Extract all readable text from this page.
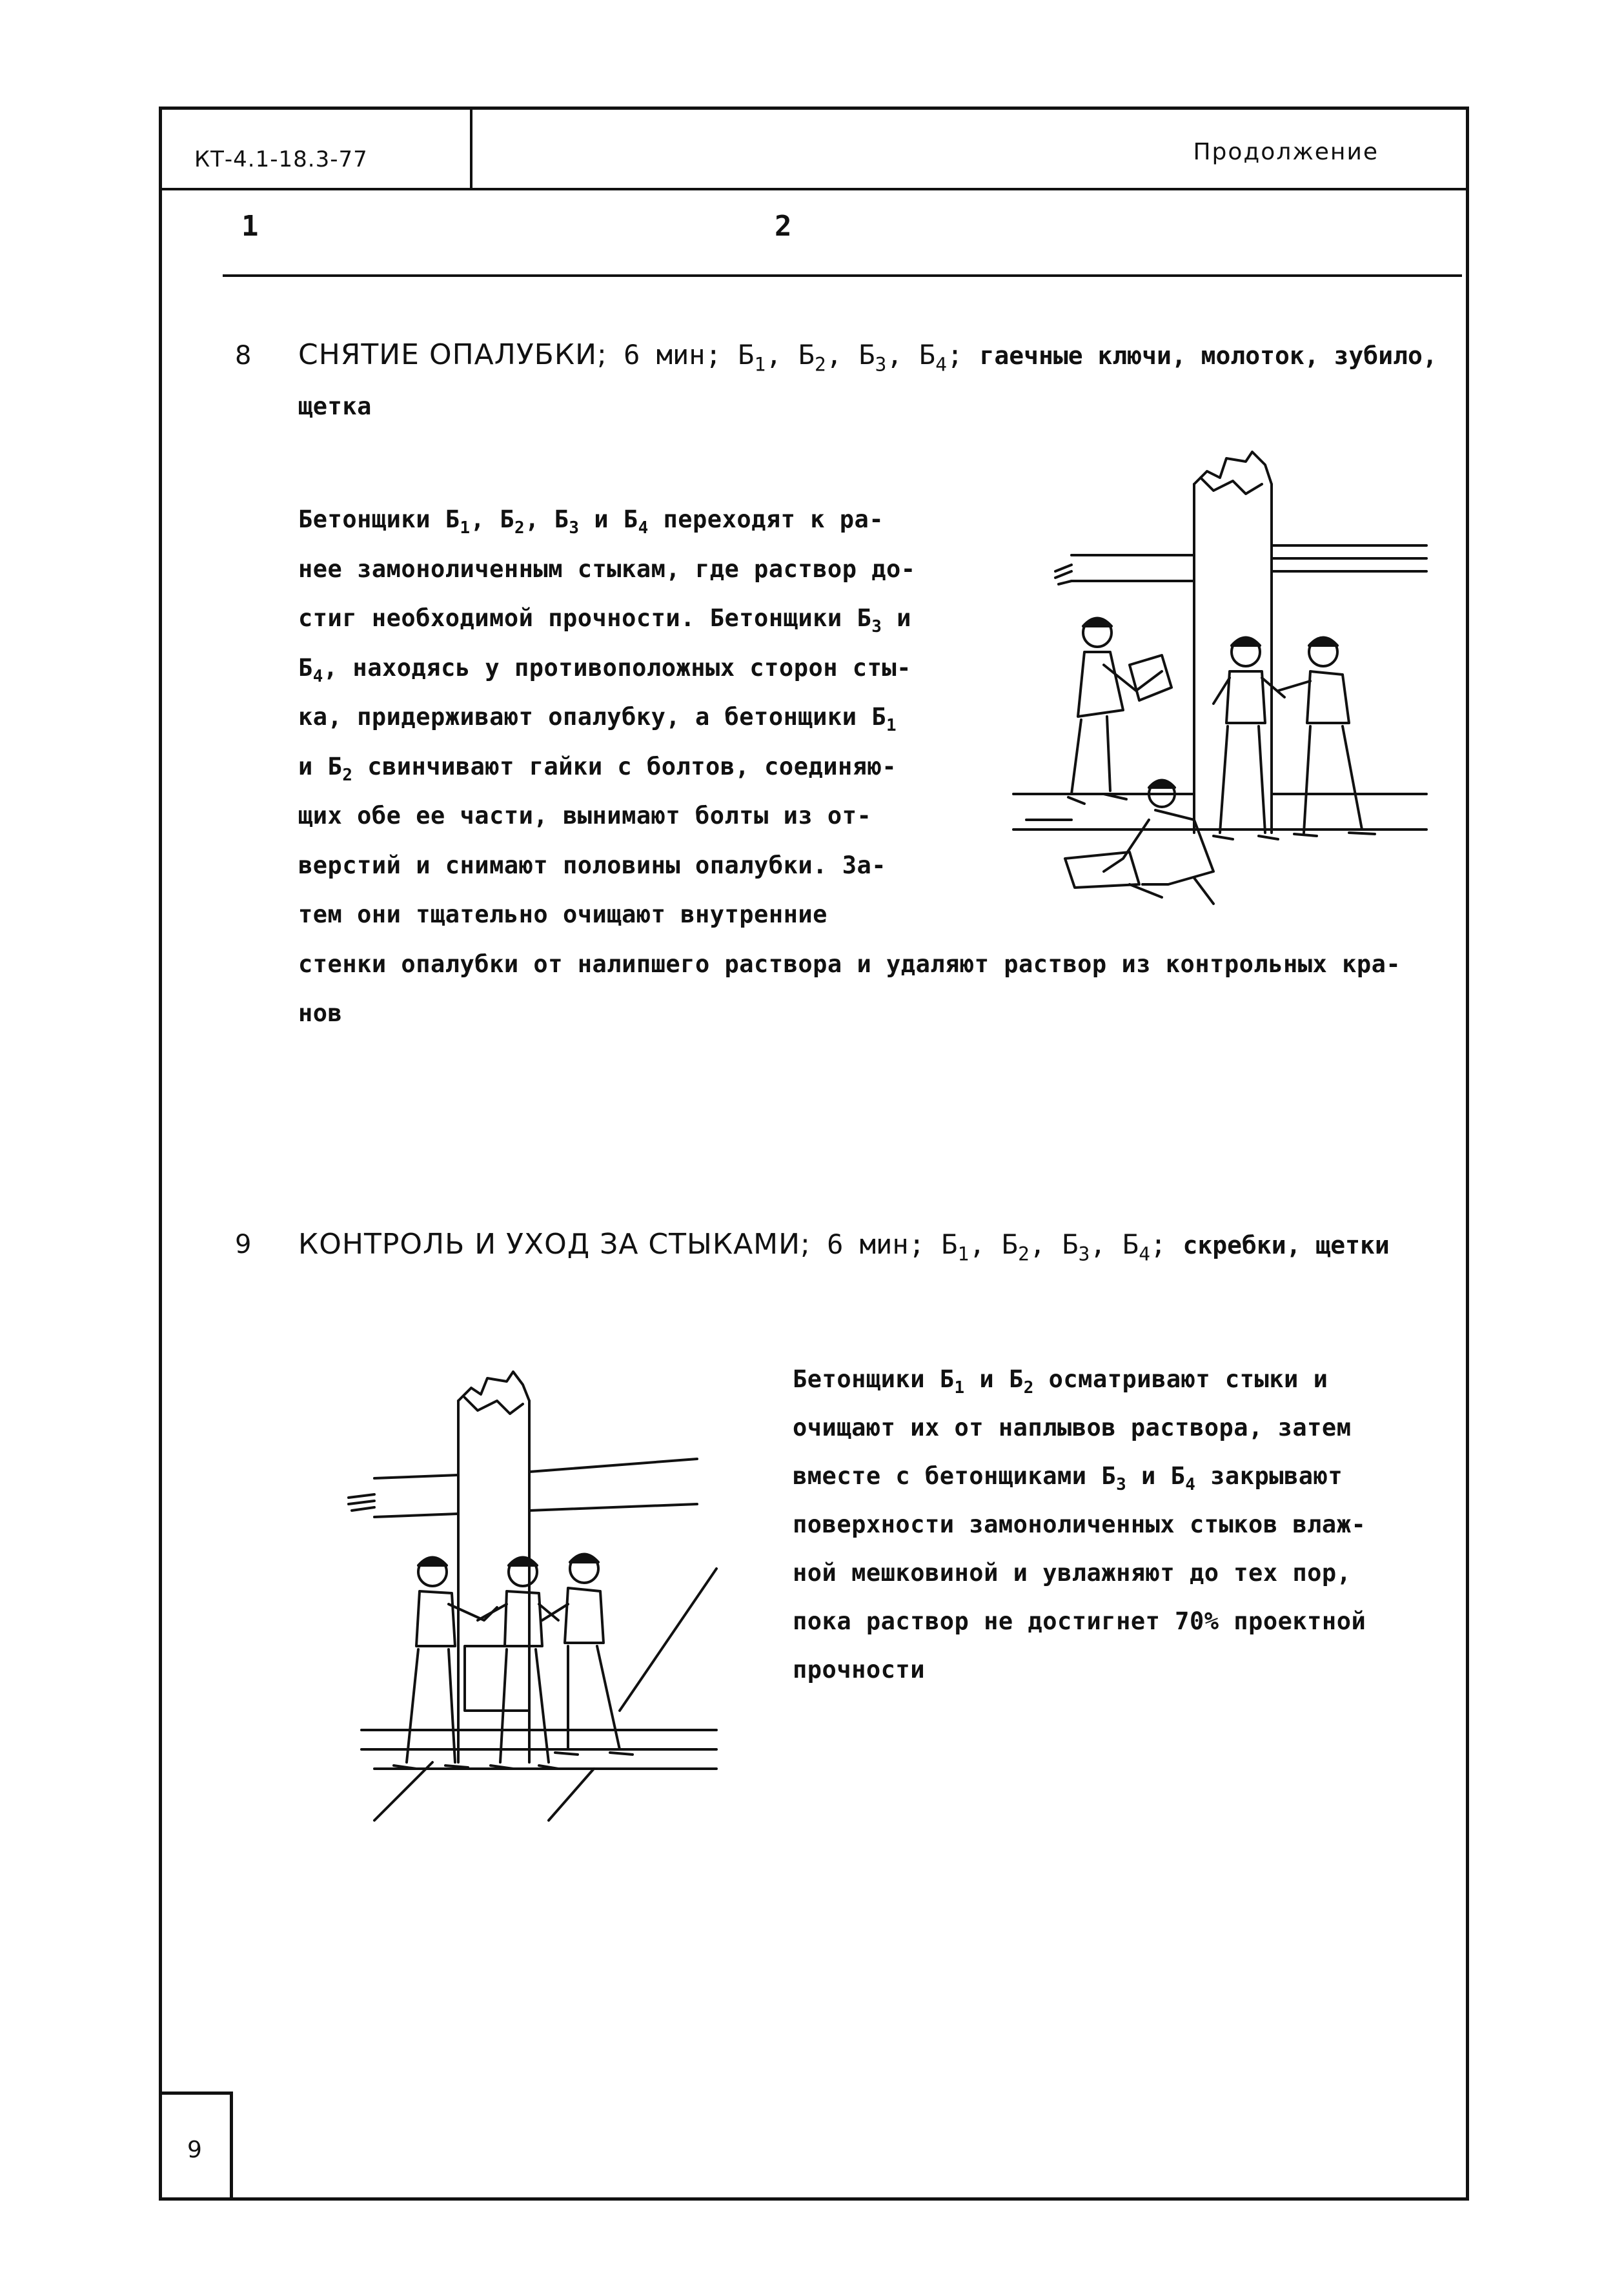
КТ-4.1-18.3-77	Продолжение
1	2
8 СНЯТИЕ ОПАЛУБКИ; 6 мин; $Б_1$, $Б_2$, $Б_3$, $Б_4$; гаечные ключи, молоток, зубило,
щетка
Бетонщики $Б_1$, $Б_2$, $Б_3$ и $Б_4$ переходят к ра-
нее замоноличенным стыкам, где раствор до-
стиг необходимой прочности. Бетонщики $Б_3$ и
$Б_4$, находясь у противоположных сторон сты-
ка, придерживают опалубку, а бетонщики $Б_1$
и $Б_2$ свинчивают гайки с болтов, соединяю-
щих обе ее части, вынимают болты из от-
верстий и снимают половины опалубки. За-
тем они тщательно очищают внутренние
стенки опалубки от налипшего раствора и удаляют раствор из контрольных кра-
нов
9 КОНТРОЛЬ И УХОД ЗА СТЫКАМИ; 6 мин; $Б_1$, $Б_2$, $Б_3$, $Б_4$; скребки, щетки
Бетонщики $Б_1$ и $Б_2$ осматривают стыки и
очищают их от наплывов раствора, затем
вместе с бетонщиками $Б_3$ и $Б_4$ закрывают
поверхности замоноличенных стыков влаж-
ной мешковиной и увлажняют до тех пор,
пока раствор не достигнет 70% проектной
прочности
9
